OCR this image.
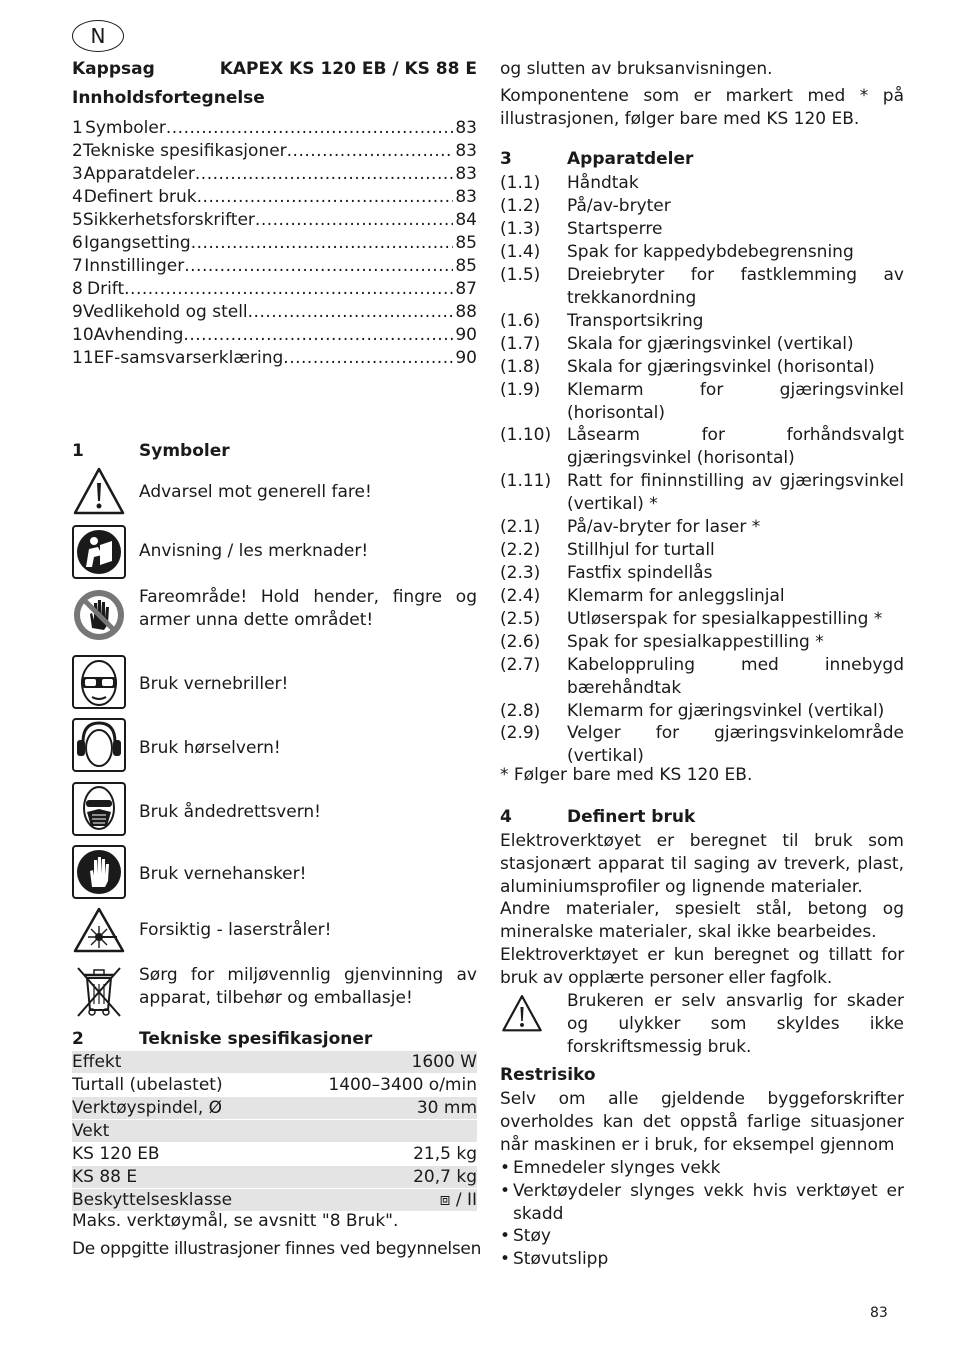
N
Kappsag	KAPEX KS 120 EB / KS 88 E
Innholdsfortegnelse
1 Symboler .....	83
2 Tekniske spesifikasjoner .....	83
3 Apparatdeler .....	83
4 Definert bruk .....	83
5 Sikkerhetsforskrifter .....	84
6 Igangsetting .....	85
7 Innstillinger .....	85
8 Drift .....	87
9 Vedlikehold og stell .....	88
10 Avhending .....	90
11 EF-samsvarserklæring .....	90
1	Symboler
Advarsel mot generell fare!
Anvisning / les merknader!
Fareområde! Hold hender, fingre og armer unna dette området!
Bruk vernebriller!
Bruk hørselvern!
Bruk åndedrettsvern!
Bruk vernehansker!
Forsiktig - laserstråler!
Sørg for miljøvennlig gjenvinning av apparat, tilbehør og emballasje!
2	Tekniske spesifikasjoner
Effekt	1600 W
Turtall (ubelastet)	1400–3400 o/min
Verktøyspindel, Ø	30 mm
Vekt
KS 120 EB	21,5 kg
KS 88 E	20,7 kg
Beskyttelsesklasse	⧈ / II
Maks. verktøymål, se avsnitt "8 Bruk".
De oppgitte illustrasjoner finnes ved begynnelsen
og slutten av bruksanvisningen.
Komponentene som er markert med * på illustrasjonen, følger bare med KS 120 EB.
3	Apparatdeler
(1.1)	Håndtak
(1.2)	På/av-bryter
(1.3)	Startsperre
(1.4)	Spak for kappedybdebegrensning
(1.5)	Dreiebryter for fastklemming av trekkanordning
(1.6)	Transportsikring
(1.7)	Skala for gjæringsvinkel (vertikal)
(1.8)	Skala for gjæringsvinkel (horisontal)
(1.9)	Klemarm for gjæringsvinkel (horisontal)
(1.10) Låsearm for forhåndsvalgt gjæringsvinkel (horisontal)
(1.11) Ratt for fininnstilling av gjæringsvinkel (vertikal) *
(2.1)	På/av-bryter for laser *
(2.2)	Stillhjul for turtall
(2.3)	Fastfix spindellås
(2.4)	Klemarm for anleggslinjal
(2.5)	Utløserspak for spesialkappestilling *
(2.6)	Spak for spesialkappestilling *
(2.7)	Kabeloppruling med innebygd bærehåndtak
(2.8)	Klemarm for gjæringsvinkel (vertikal)
(2.9)	Velger for gjæringsvinkelområde (vertikal)
* Følger bare med KS 120 EB.
4	Definert bruk
Elektroverktøyet er beregnet til bruk som stasjonært apparat til saging av treverk, plast, aluminiumsprofiler og lignende materialer.
Andre materialer, spesielt stål, betong og mineralske materialer, skal ikke bearbeides.
Elektroverktøyet er kun beregnet og tillatt for bruk av opplærte personer eller fagfolk.
Brukeren er selv ansvarlig for skader og ulykker som skyldes ikke forskriftsmessig bruk.
Restrisiko
Selv om alle gjeldende byggeforskrifter overholdes kan det oppstå farlige situasjoner når maskinen er i bruk, for eksempel gjennom
• Emnedeler slynges vekk
• Verktøydeler slynges vekk hvis verktøyet er skadd
• Støy
• Støvutslipp
83
